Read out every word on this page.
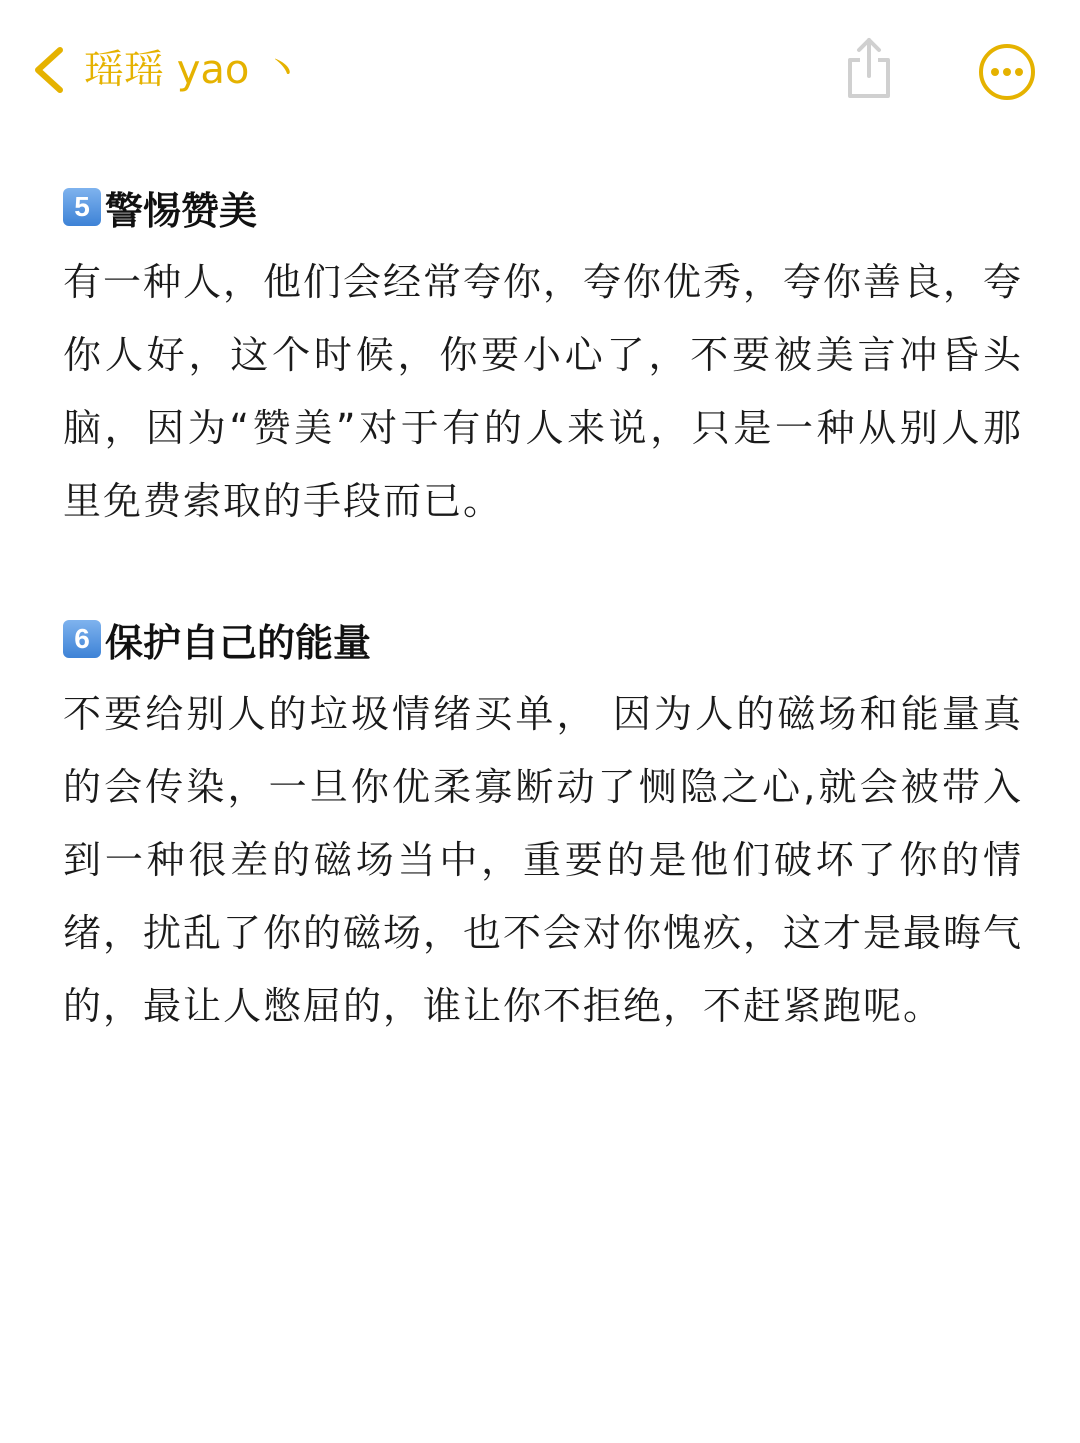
瑶瑶 yao 丶
5 警惕赞美

有一种人，他们会经常夸你，夸你优秀，夸你善良，夸你人好，这个时候，你要小心了，不要被美言冲昏头脑，因为“赞美”对于有的人来说，只是一种从别人那里免费索取的手段而已。

6 保护自己的能量

不要给别人的垃圾情绪买单， 因为人的磁场和能量真的会传染，一旦你优柔寡断动了恻隐之心,就会被带入到一种很差的磁场当中，重要的是他们破坏了你的情绪，扰乱了你的磁场，也不会对你愧疚，这才是最晦气的，最让人憋屈的，谁让你不拒绝，不赶紧跑呢。
